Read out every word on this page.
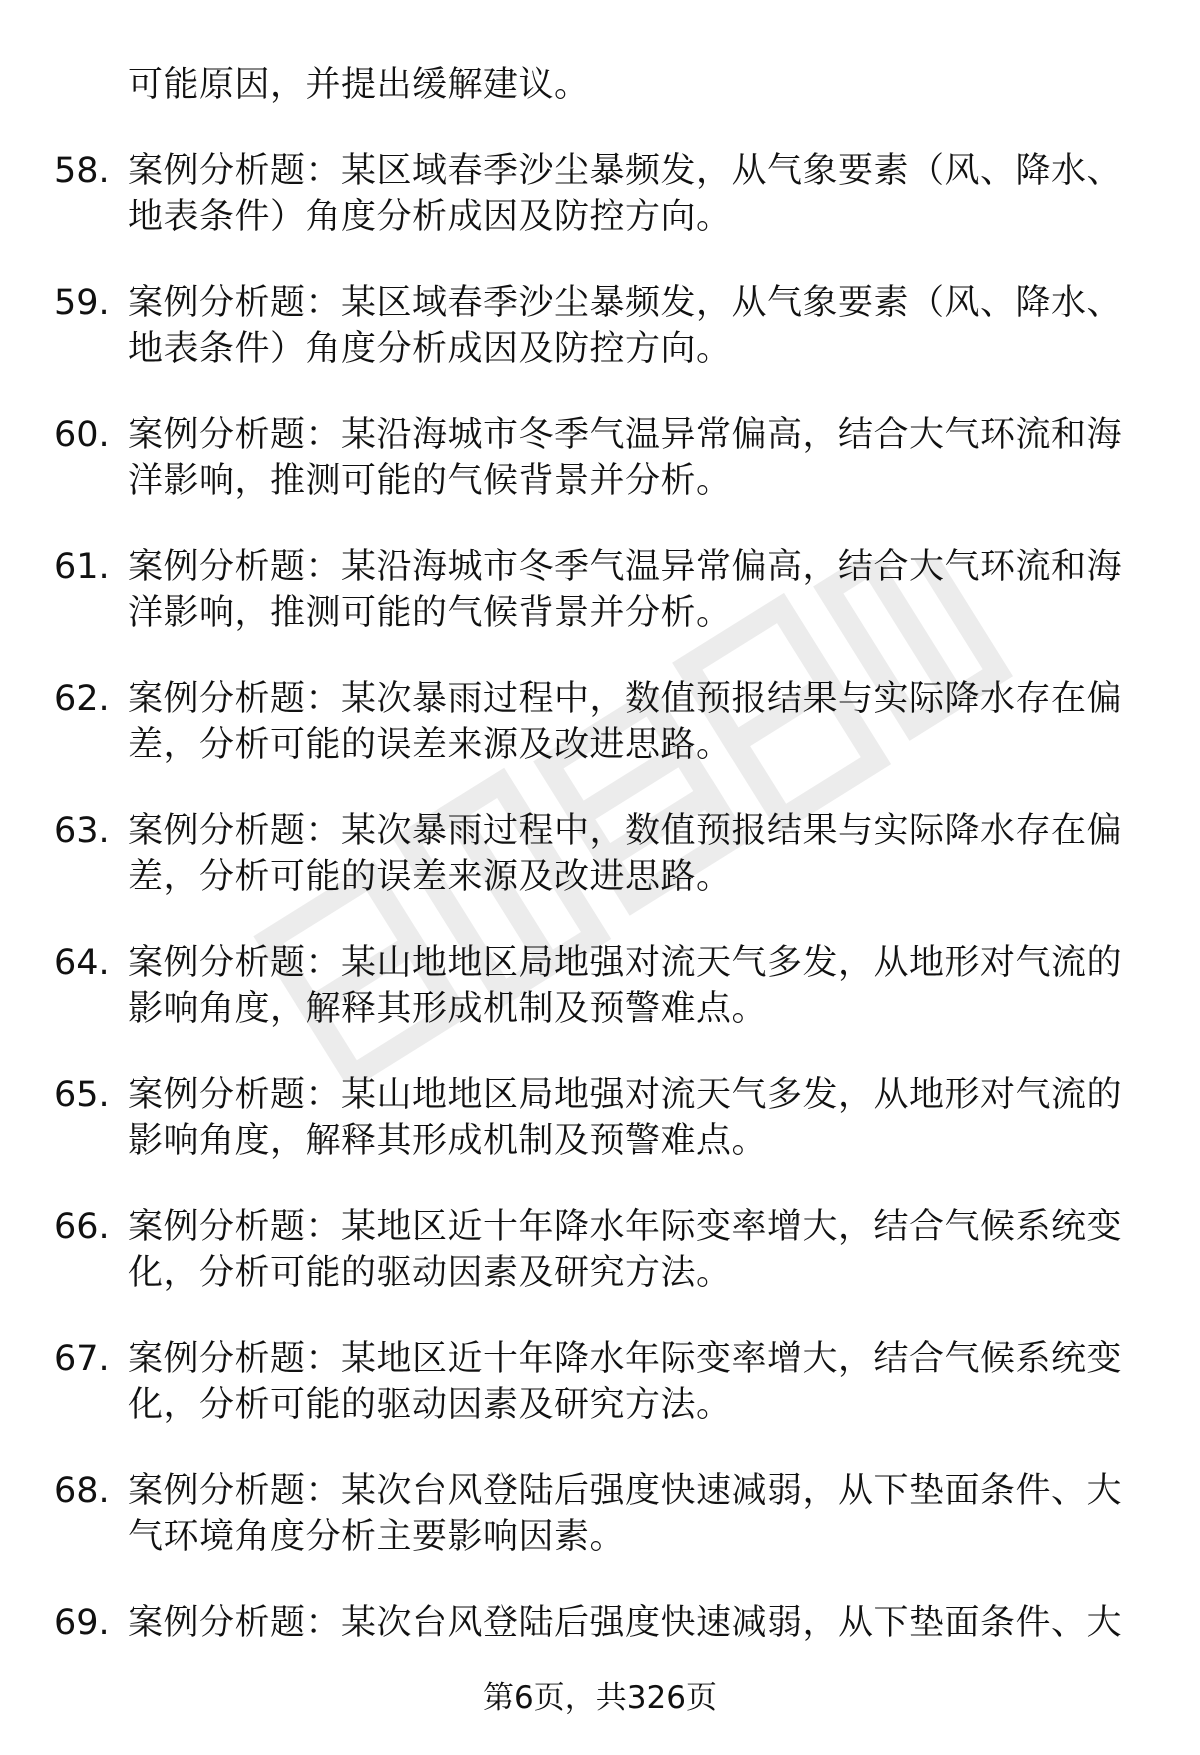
可能原因，并提出缓解建议。
58. 案例分析题：某区域春季沙尘暴频发，从气象要素（风、降水、
地表条件）角度分析成因及防控方向。
59. 案例分析题：某区域春季沙尘暴频发，从气象要素（风、降水、
地表条件）角度分析成因及防控方向。
60. 案例分析题：某沿海城市冬季气温异常偏高，结合大气环流和海
洋影响，推测可能的气候背景并分析。
61. 案例分析题：某沿海城市冬季气温异常偏高，结合大气环流和海
洋影响，推测可能的气候背景并分析。
62. 案例分析题：某次暴雨过程中，数值预报结果与实际降水存在偏
差，分析可能的误差来源及改进思路。
63. 案例分析题：某次暴雨过程中，数值预报结果与实际降水存在偏
差，分析可能的误差来源及改进思路。
64. 案例分析题：某山地地区局地强对流天气多发，从地形对气流的
影响角度，解释其形成机制及预警难点。
65. 案例分析题：某山地地区局地强对流天气多发，从地形对气流的
影响角度，解释其形成机制及预警难点。
66. 案例分析题：某地区近十年降水年际变率增大，结合气候系统变
化，分析可能的驱动因素及研究方法。
67. 案例分析题：某地区近十年降水年际变率增大，结合气候系统变
化，分析可能的驱动因素及研究方法。
68. 案例分析题：某次台风登陆后强度快速减弱，从下垫面条件、大
气环境角度分析主要影响因素。
69. 案例分析题：某次台风登陆后强度快速减弱，从下垫面条件、大
第6页，共326页
